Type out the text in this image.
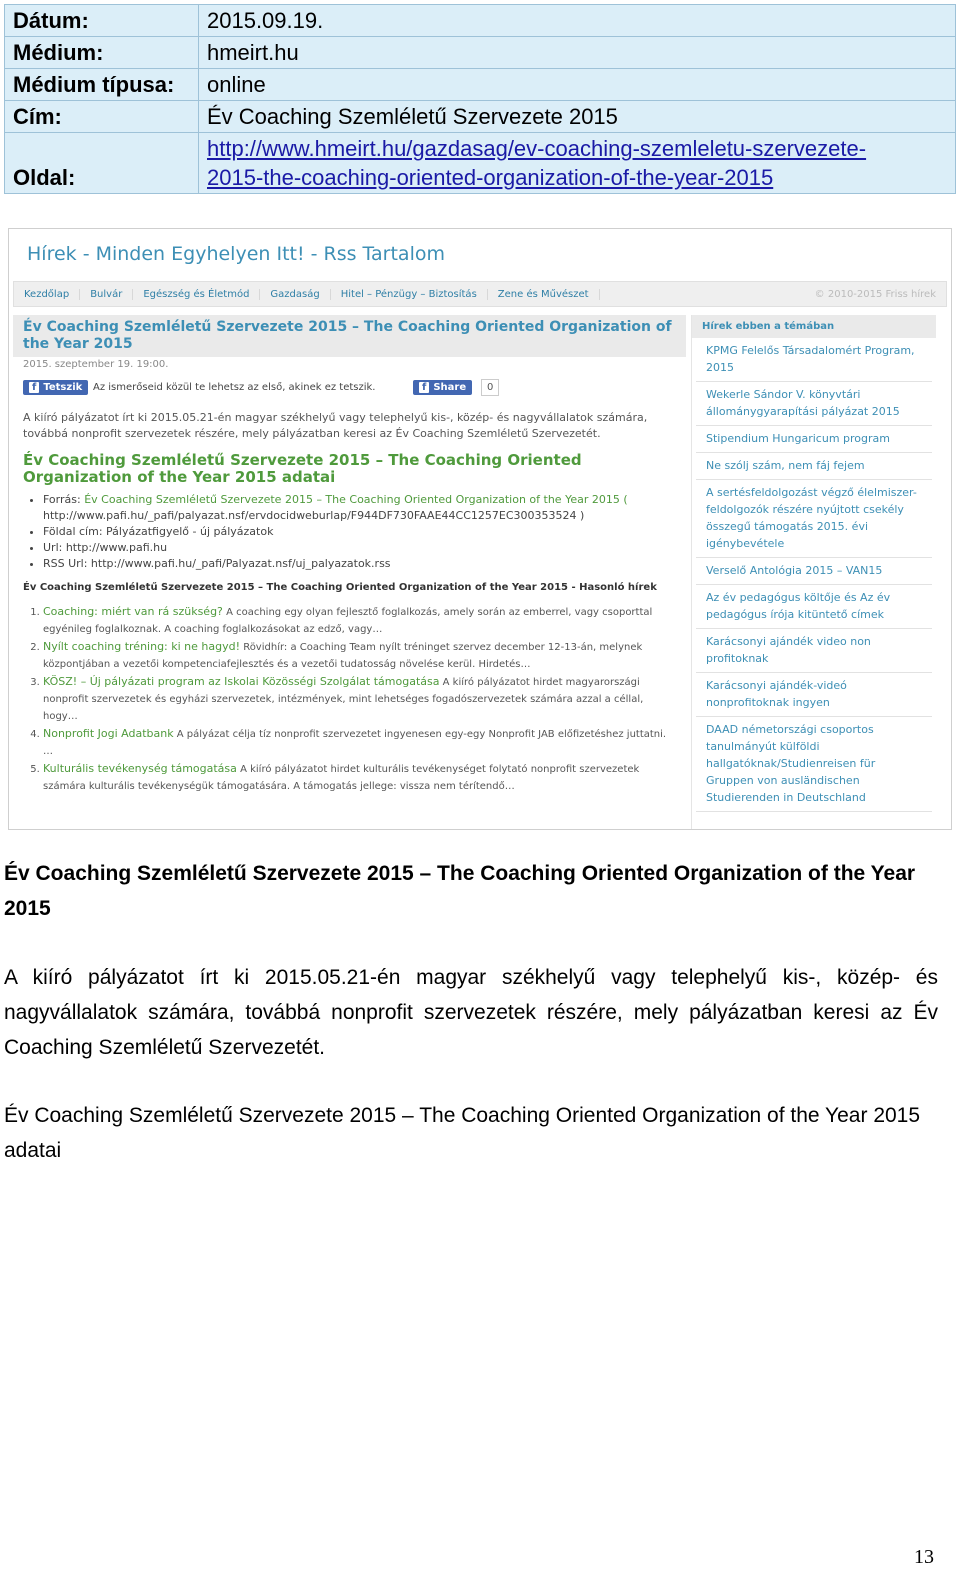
Dátum:	2015.09.19.
Médium:	hmeirt.hu
Médium típusa:	online
Cím:	Év Coaching Szemléletű Szervezete 2015
Oldal:	http://www.hmeirt.hu/gazdasag/ev-coaching-szemleletu-szervezete-
2015-the-coaching-oriented-organization-of-the-year-2015
Hírek - Minden Egyhelyen Itt! - Rss Tartalom
Kezdőlap	Bulvár	Egészség és Életmód	Gazdaság	Hitel – Pénzügy – Biztosítás	Zene és Művészet	© 2010-2015 Friss hírek
Év Coaching Szemléletű Szervezete 2015 – The Coaching Oriented Organization of the Year 2015
2015. szeptember 19. 19:00.
f Tetszik	Az ismerőseid közül te lehetsz az első, akinek ez tetszik.	f Share	0

A kiíró pályázatot írt ki 2015.05.21-én magyar székhelyű vagy telephelyű kis-, közép- és nagyvállalatok számára, továbbá nonprofit szervezetek részére, mely pályázatban keresi az Év Coaching Szemléletű Szervezetét.

Év Coaching Szemléletű Szervezete 2015 – The Coaching Oriented Organization of the Year 2015 adatai
• Forrás: Év Coaching Szemléletű Szervezete 2015 – The Coaching Oriented Organization of the Year 2015 (
http://www.pafi.hu/_pafi/palyazat.nsf/ervdocidweburlap/F944DF730FAAE44CC1257EC300353524 )
• Földal cím: Pályázatfigyelő - új pályázatok
• Url: http://www.pafi.hu
• RSS Url: http://www.pafi.hu/_pafi/Palyazat.nsf/uj_palyazatok.rss
Év Coaching Szemléletű Szervezete 2015 – The Coaching Oriented Organization of the Year 2015 - Hasonló hírek
1. Coaching: miért van rá szükség? A coaching egy olyan fejlesztő foglalkozás, amely során az emberrel, vagy csoporttal egyénileg foglalkoznak. A coaching foglalkozásokat az edző, vagy…
2. Nyílt coaching tréning: ki ne hagyd! Rövidhír: a Coaching Team nyílt tréninget szervez december 12-13-án, melynek központjában a vezetői kompetenciafejlesztés és a vezetői tudatosság növelése kerül. Hirdetés…
3. KÖSZ! – Új pályázati program az Iskolai Közösségi Szolgálat támogatása A kiíró pályázatot hirdet magyarországi nonprofit szervezetek és egyházi szervezetek, intézmények, mint lehetséges fogadószervezetek számára azzal a céllal, hogy…
4. Nonprofit Jogi Adatbank A pályázat célja tíz nonprofit szervezetet ingyenesen egy-egy Nonprofit JAB előfizetéshez juttatni. …
5. Kulturális tevékenység támogatása A kiíró pályázatot hirdet kulturális tevékenységet folytató nonprofit szervezetek számára kulturális tevékenységük támogatására. A támogatás jellege: vissza nem térítendő…
Hírek ebben a témában
KPMG Felelős Társadalomért Program, 2015
Wekerle Sándor V. könyvtári állománygyarapítási pályázat 2015
Stipendium Hungaricum program
Ne szólj szám, nem fáj fejem
A sertésfeldolgozást végző élelmiszer-feldolgozók részére nyújtott csekély összegű támogatás 2015. évi igénybevétele
Verselő Antológia 2015 – VAN15
Az év pedagógus költője és Az év pedagógus írója kitüntető címek
Karácsonyi ajándék video non profitoknak
Karácsonyi ajándék-videó nonprofitoknak ingyen
DAAD németországi csoportos tanulmányút külföldi hallgatóknak/Studienreisen für Gruppen von ausländischen Studierenden in Deutschland
Év Coaching Szemléletű Szervezete 2015 – The Coaching Oriented Organization of the Year 2015
A kiíró pályázatot írt ki 2015.05.21-én magyar székhelyű vagy telephelyű kis-, közép- és nagyvállalatok számára, továbbá nonprofit szervezetek részére, mely pályázatban keresi az Év Coaching Szemléletű Szervezetét.
Év Coaching Szemléletű Szervezete 2015 – The Coaching Oriented Organization of the Year 2015 adatai
13
